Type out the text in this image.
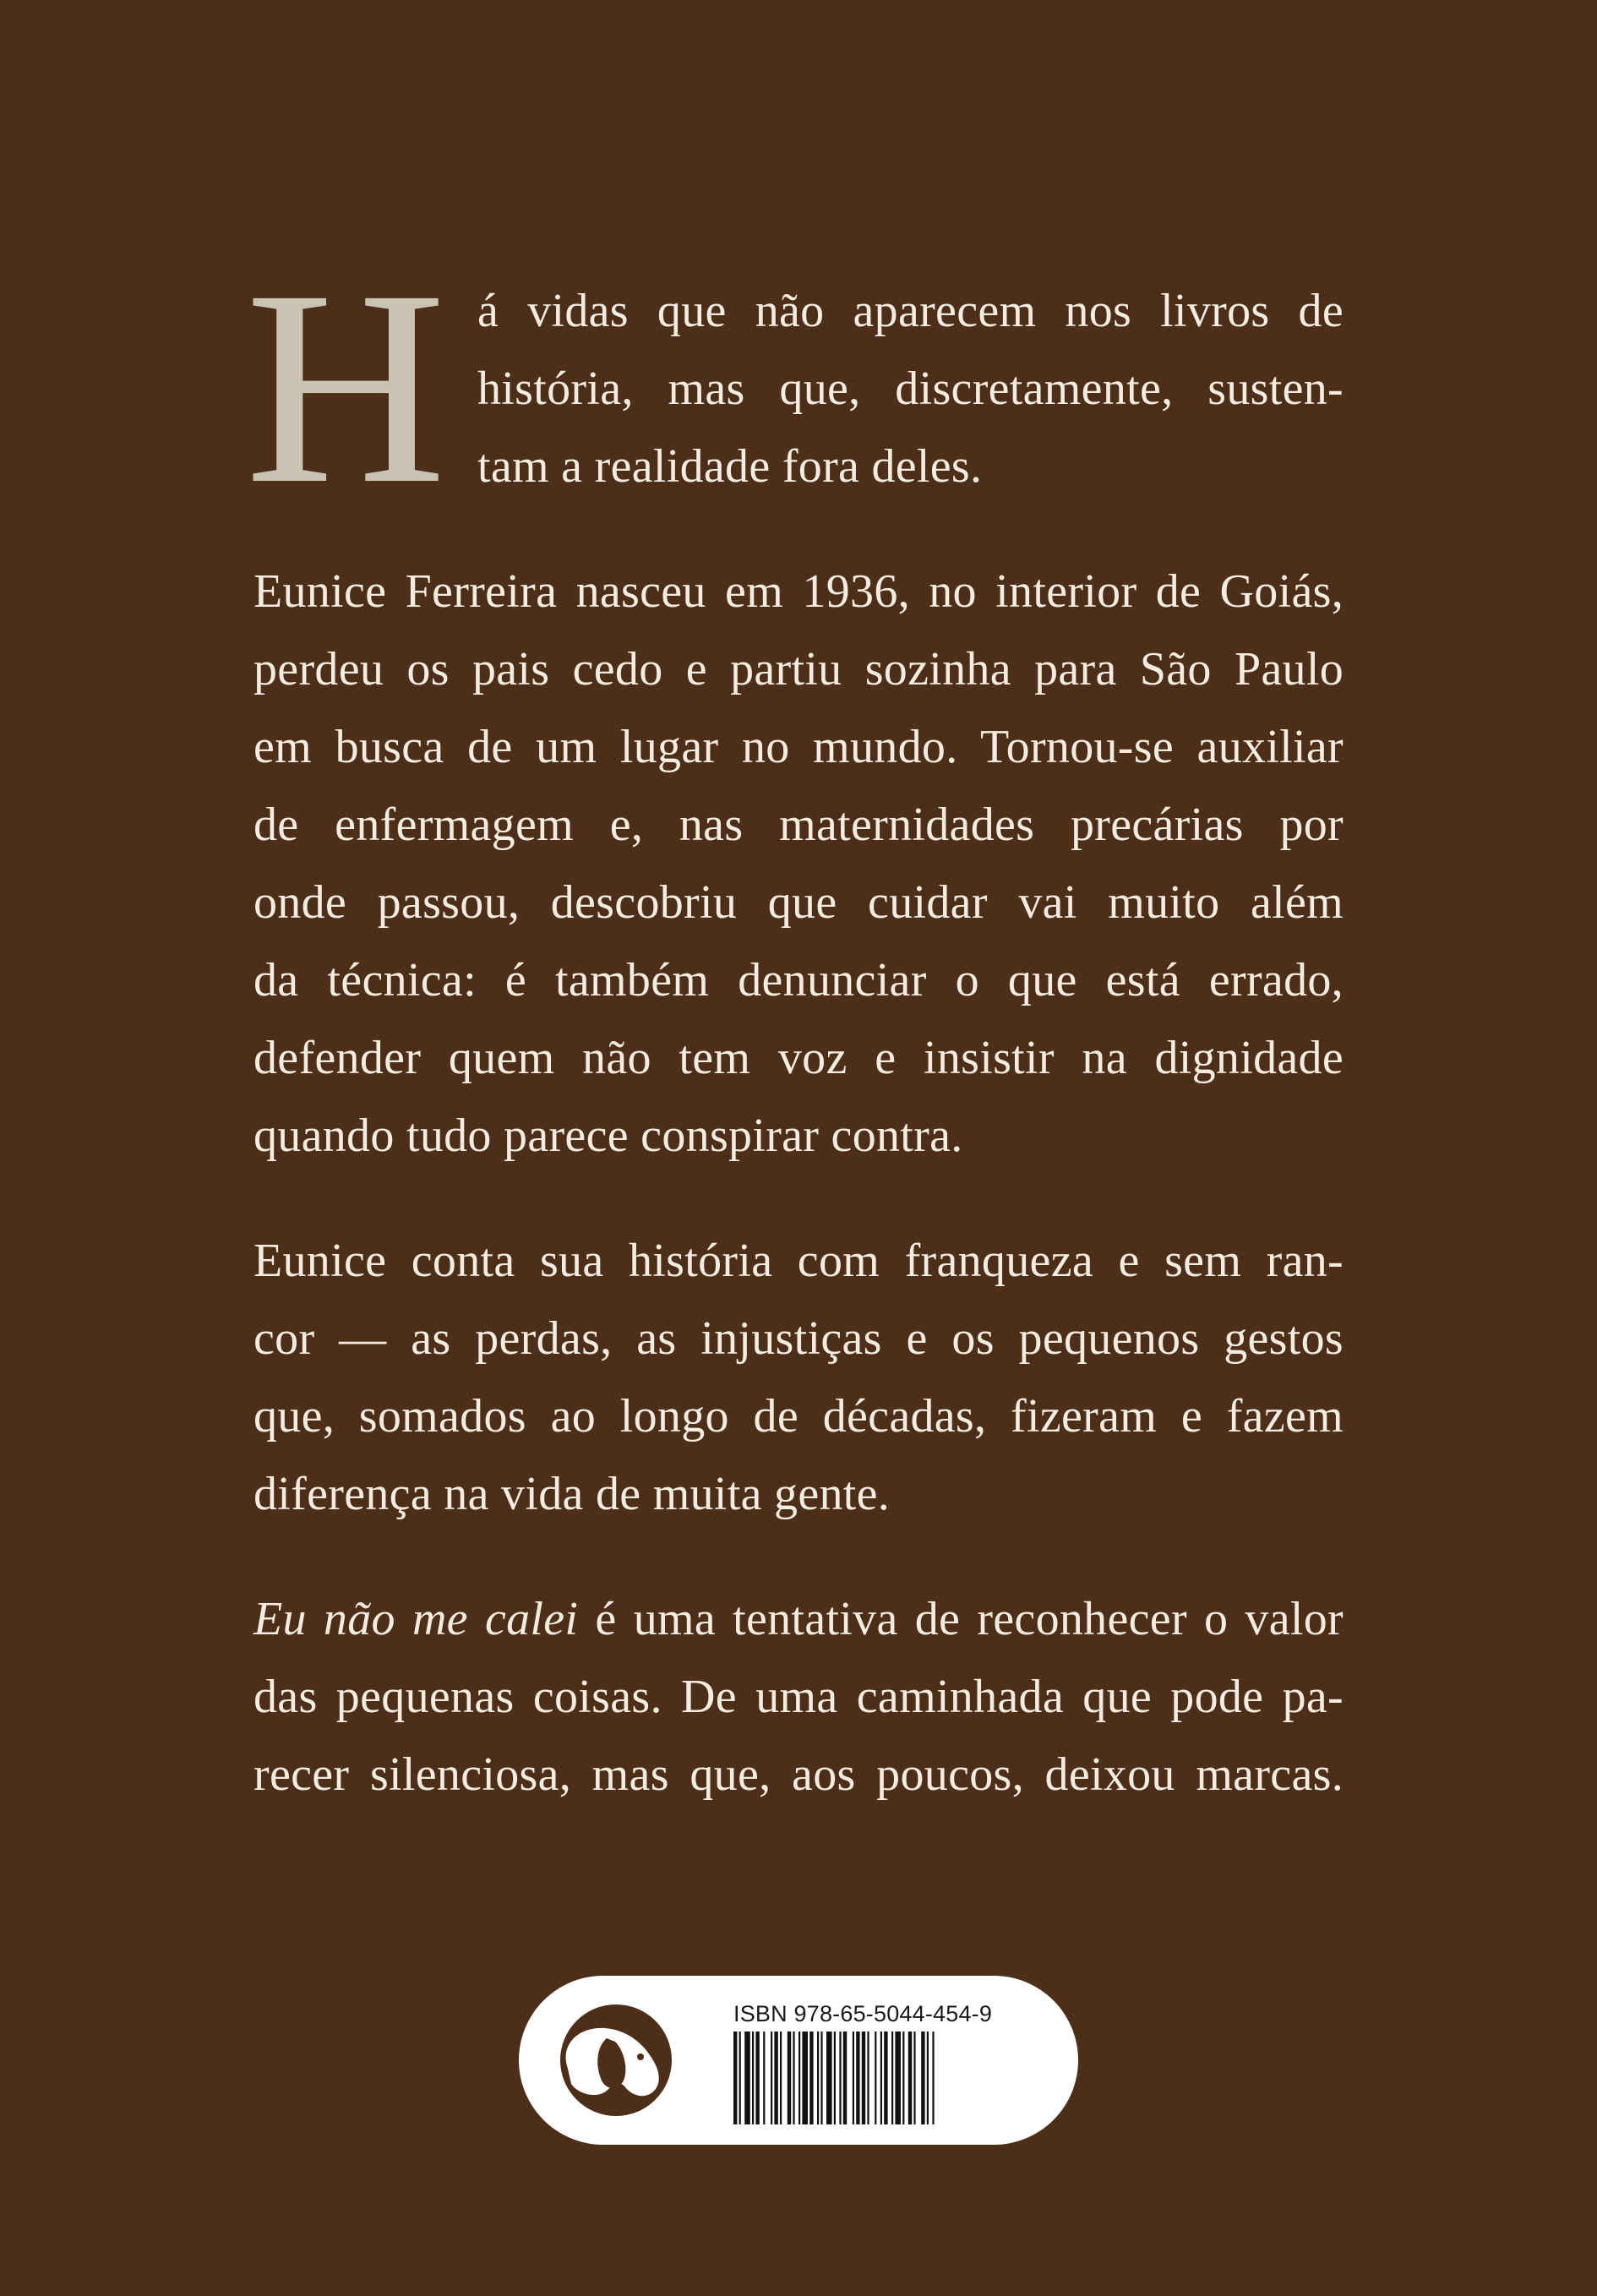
H á vidas que não aparecem nos livros de
história, mas que, discretamente, susten-
tam a realidade fora deles.
Eunice Ferreira nasceu em 1936, no interior de Goiás,
perdeu os pais cedo e partiu sozinha para São Paulo
em busca de um lugar no mundo. Tornou-se auxiliar
de enfermagem e, nas maternidades precárias por
onde passou, descobriu que cuidar vai muito além
da técnica: é também denunciar o que está errado,
defender quem não tem voz e insistir na dignidade
quando tudo parece conspirar contra.
Eunice conta sua história com franqueza e sem ran-
cor — as perdas, as injustiças e os pequenos gestos
que, somados ao longo de décadas, fizeram e fazem
diferença na vida de muita gente.
Eu não me calei é uma tentativa de reconhecer o valor
das pequenas coisas. De uma caminhada que pode pa-
recer silenciosa, mas que, aos poucos, deixou marcas.
ISBN 978-65-5044-454-9
